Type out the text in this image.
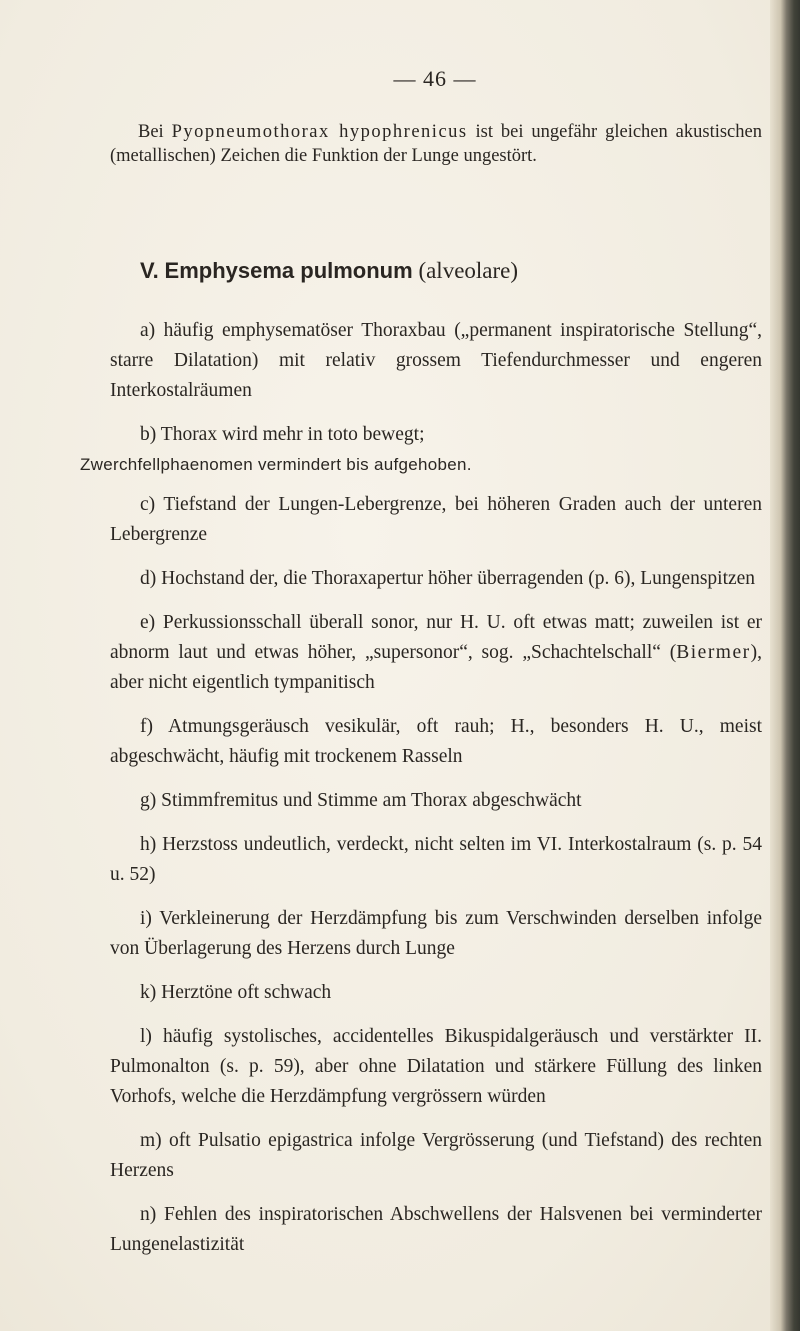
— 46 —

Bei Pyopneumothorax hypophrenicus ist bei ungefähr gleichen akustischen (metallischen) Zeichen die Funktion der Lunge ungestört.

V. Emphysema pulmonum (alveolare)

a) häufig emphysematöser Thoraxbau („permanent inspiratorische Stellung“, starre Dilatation) mit relativ grossem Tiefendurchmesser und engeren Interkostalräumen

b) Thorax wird mehr in toto bewegt;
Zwerchfellphaenomen vermindert bis aufgehoben.

c) Tiefstand der Lungen-Lebergrenze, bei höheren Graden auch der unteren Lebergrenze

d) Hochstand der, die Thoraxapertur höher überragenden (p. 6), Lungenspitzen

e) Perkussionsschall überall sonor, nur H. U. oft etwas matt; zuweilen ist er abnorm laut und etwas höher, „supersonor“, sog. „Schachtelschall“ (Biermer), aber nicht eigentlich tympanitisch

f) Atmungsgeräusch vesikulär, oft rauh; H., besonders H. U., meist abgeschwächt, häufig mit trockenem Rasseln

g) Stimmfremitus und Stimme am Thorax abgeschwächt

h) Herzstoss undeutlich, verdeckt, nicht selten im VI. Interkostalraum (s. p. 54 u. 52)

i) Verkleinerung der Herzdämpfung bis zum Verschwinden derselben infolge von Überlagerung des Herzens durch Lunge

k) Herztöne oft schwach

l) häufig systolisches, accidentelles Bikuspidalgeräusch und verstärkter II. Pulmonalton (s. p. 59), aber ohne Dilatation und stärkere Füllung des linken Vorhofs, welche die Herzdämpfung vergrössern würden

m) oft Pulsatio epigastrica infolge Vergrösserung (und Tiefstand) des rechten Herzens

n) Fehlen des inspiratorischen Abschwellens der Halsvenen bei verminderter Lungenelastizität
